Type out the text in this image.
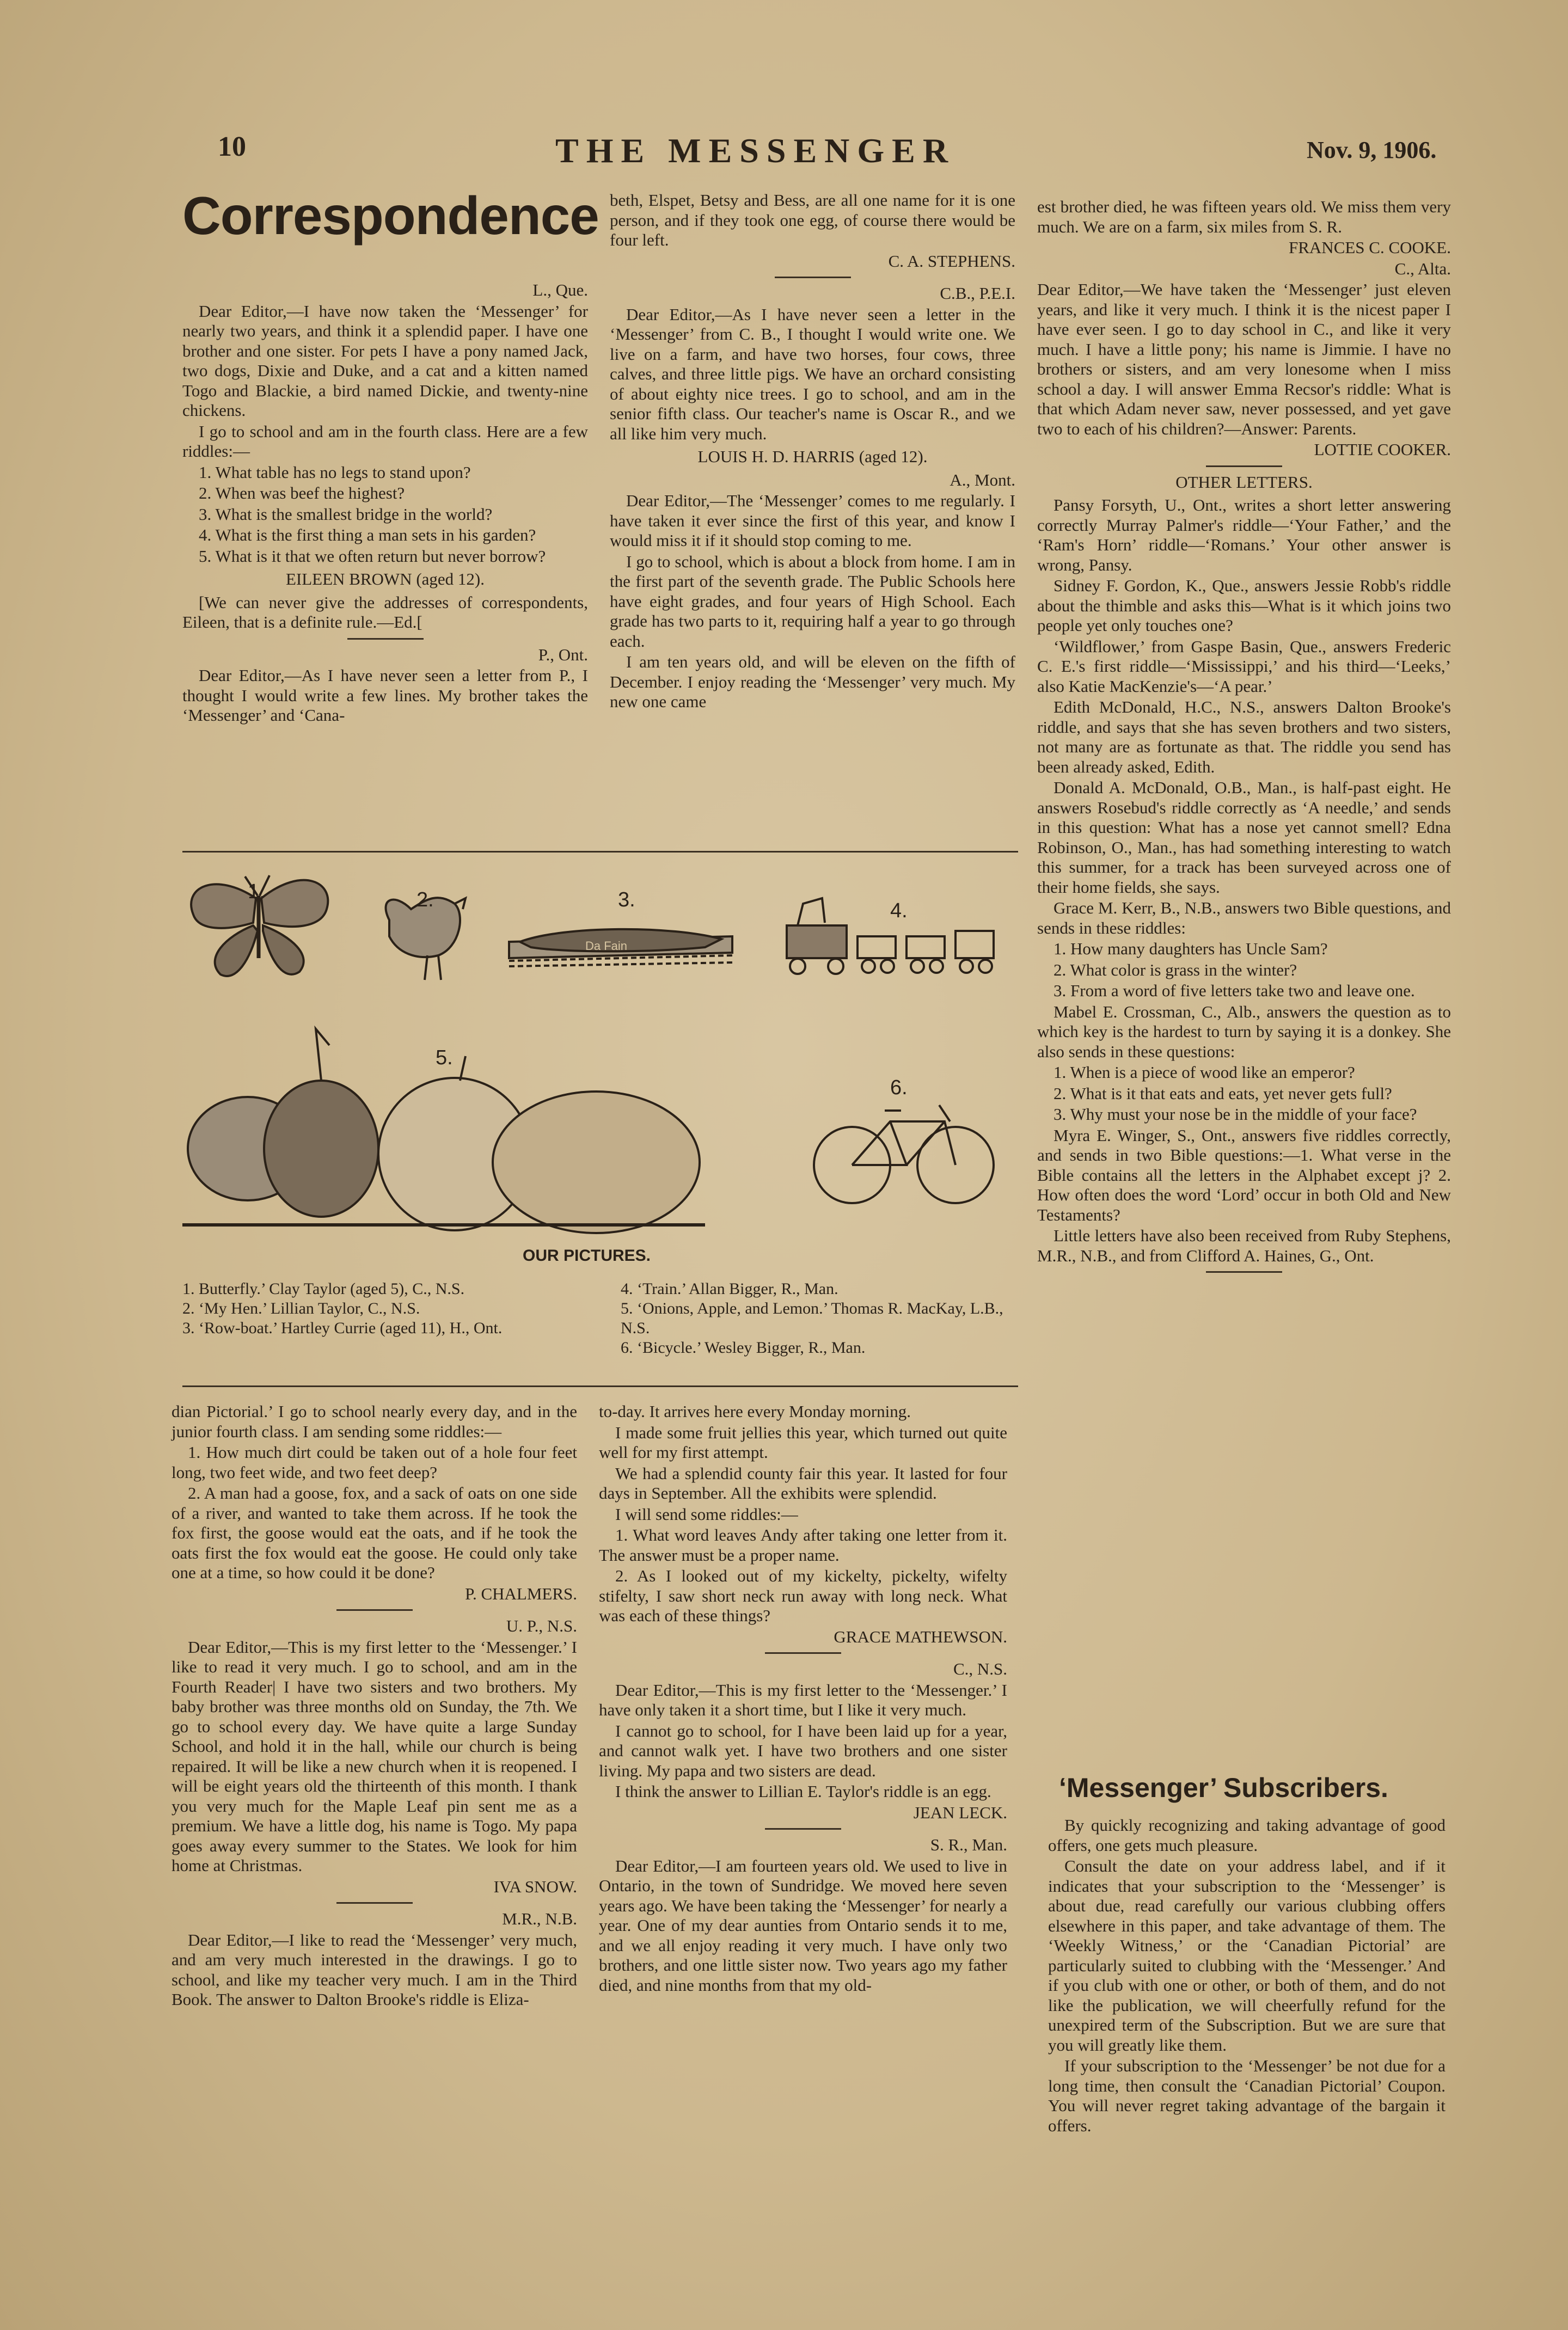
10	THE MESSENGER	Nov. 9, 1906.
Correspondence

L., Que.

Dear Editor,—I have now taken the ‘Messenger’ for nearly two years, and think it a splendid paper. I have one brother and one sister. For pets I have a pony named Jack, two dogs, Dixie and Duke, and a cat and a kitten named Togo and Blackie, a bird named Dickie, and twenty-nine chickens.

I go to school and am in the fourth class. Here are a few riddles:—

1. What table has no legs to stand upon?

2. When was beef the highest?

3. What is the smallest bridge in the world?

4. What is the first thing a man sets in his garden?

5. What is it that we often return but never borrow?

EILEEN BROWN (aged 12).

[We can never give the addresses of correspondents, Eileen, that is a definite rule.—Ed.[

P., Ont.

Dear Editor,—As I have never seen a letter from P., I thought I would write a few lines. My brother takes the ‘Messenger’ and ‘Cana-

beth, Elspet, Betsy and Bess, are all one name for it is one person, and if they took one egg, of course there would be four left.

C. A. STEPHENS.

C.B., P.E.I.

Dear Editor,—As I have never seen a letter in the ‘Messenger’ from C. B., I thought I would write one. We live on a farm, and have two horses, four cows, three calves, and three little pigs. We have an orchard consisting of about eighty nice trees. I go to school, and am in the senior fifth class. Our teacher's name is Oscar R., and we all like him very much.

LOUIS H. D. HARRIS (aged 12).

A., Mont.

Dear Editor,—The ‘Messenger’ comes to me regularly. I have taken it ever since the first of this year, and know I would miss it if it should stop coming to me.

I go to school, which is about a block from home. I am in the first part of the seventh grade. The Public Schools here have eight grades, and four years of High School. Each grade has two parts to it, requiring half a year to go through each.

I am ten years old, and will be eleven on the fifth of December. I enjoy reading the ‘Messenger’ very much. My new one came

est brother died, he was fifteen years old. We miss them very much. We are on a farm, six miles from S. R.

FRANCES C. COOKE.

C., Alta.

Dear Editor,—We have taken the ‘Messenger’ just eleven years, and like it very much. I think it is the nicest paper I have ever seen. I go to day school in C., and like it very much. I have a little pony; his name is Jimmie. I have no brothers or sisters, and am very lonesome when I miss school a day. I will answer Emma Recsor's riddle: What is that which Adam never saw, never possessed, and yet gave two to each of his children?—Answer: Parents.

LOTTIE COOKER.

OTHER LETTERS.

Pansy Forsyth, U., Ont., writes a short letter answering correctly Murray Palmer's riddle—‘Your Father,’ and the ‘Ram's Horn’ riddle—‘Romans.’ Your other answer is wrong, Pansy.

Sidney F. Gordon, K., Que., answers Jessie Robb's riddle about the thimble and asks this—What is it which joins two people yet only touches one?

‘Wildflower,’ from Gaspe Basin, Que., answers Frederic C. E.'s first riddle—‘Mississippi,’ and his third—‘Leeks,’ also Katie MacKenzie's—‘A pear.’

Edith McDonald, H.C., N.S., answers Dalton Brooke's riddle, and says that she has seven brothers and two sisters, not many are as fortunate as that. The riddle you send has been already asked, Edith.

Donald A. McDonald, O.B., Man., is half-past eight. He answers Rosebud's riddle correctly as ‘A needle,’ and sends in this question: What has a nose yet cannot smell? Edna Robinson, O., Man., has had something interesting to watch this summer, for a track has been surveyed across one of their home fields, she says.

Grace M. Kerr, B., N.B., answers two Bible questions, and sends in these riddles:

1. How many daughters has Uncle Sam?

2. What color is grass in the winter?

3. From a word of five letters take two and leave one.

Mabel E. Crossman, C., Alb., answers the question as to which key is the hardest to turn by saying it is a donkey. She also sends in these questions:

1. When is a piece of wood like an emperor?

2. What is it that eats and eats, yet never gets full?

3. Why must your nose be in the middle of your face?

Myra E. Winger, S., Ont., answers five riddles correctly, and sends in two Bible questions:—1. What verse in the Bible contains all the letters in the Alphabet except j? 2. How often does the word ‘Lord’ occur in both Old and New Testaments?

Little letters have also been received from Ruby Stephens, M.R., N.B., and from Clifford A. Haines, G., Ont.

1.	2.	3.	4.
5.
6.
Da Fain
OUR PICTURES.
1. Butterfly.’ Clay Taylor (aged 5), C., N.S.
2. ‘My Hen.’ Lillian Taylor, C., N.S.
3. ‘Row-boat.’ Hartley Currie (aged 11), H., Ont.
4. ‘Train.’ Allan Bigger, R., Man.
5. ‘Onions, Apple, and Lemon.’ Thomas R. MacKay, L.B., N.S.
6. ‘Bicycle.’ Wesley Bigger, R., Man.

dian Pictorial.’ I go to school nearly every day, and in the junior fourth class. I am sending some riddles:—

1. How much dirt could be taken out of a hole four feet long, two feet wide, and two feet deep?

2. A man had a goose, fox, and a sack of oats on one side of a river, and wanted to take them across. If he took the fox first, the goose would eat the oats, and if he took the oats first the fox would eat the goose. He could only take one at a time, so how could it be done?

P. CHALMERS.

U. P., N.S.

Dear Editor,—This is my first letter to the ‘Messenger.’ I like to read it very much. I go to school, and am in the Fourth Reader| I have two sisters and two brothers. My baby brother was three months old on Sunday, the 7th. We go to school every day. We have quite a large Sunday School, and hold it in the hall, while our church is being repaired. It will be like a new church when it is reopened. I will be eight years old the thirteenth of this month. I thank you very much for the Maple Leaf pin sent me as a premium. We have a little dog, his name is Togo. My papa goes away every summer to the States. We look for him home at Christmas.

IVA SNOW.

M.R., N.B.

Dear Editor,—I like to read the ‘Messenger’ very much, and am very much interested in the drawings. I go to school, and like my teacher very much. I am in the Third Book. The answer to Dalton Brooke's riddle is Eliza-

to-day. It arrives here every Monday morning.

I made some fruit jellies this year, which turned out quite well for my first attempt.

We had a splendid county fair this year. It lasted for four days in September. All the exhibits were splendid.

I will send some riddles:—

1. What word leaves Andy after taking one letter from it. The answer must be a proper name.

2. As I looked out of my kickelty, pickelty, wifelty stifelty, I saw short neck run away with long neck. What was each of these things?

GRACE MATHEWSON.

C., N.S.

Dear Editor,—This is my first letter to the ‘Messenger.’ I have only taken it a short time, but I like it very much.

I cannot go to school, for I have been laid up for a year, and cannot walk yet. I have two brothers and one sister living. My papa and two sisters are dead.

I think the answer to Lillian E. Taylor's riddle is an egg.

JEAN LECK.

S. R., Man.

Dear Editor,—I am fourteen years old. We used to live in Ontario, in the town of Sundridge. We moved here seven years ago. We have been taking the ‘Messenger’ for nearly a year. One of my dear aunties from Ontario sends it to me, and we all enjoy reading it very much. I have only two brothers, and one little sister now. Two years ago my father died, and nine months from that my old-

‘Messenger’ Subscribers.

By quickly recognizing and taking advantage of good offers, one gets much pleasure.

Consult the date on your address label, and if it indicates that your subscription to the ‘Messenger’ is about due, read carefully our various clubbing offers elsewhere in this paper, and take advantage of them. The ‘Weekly Witness,’ or the ‘Canadian Pictorial’ are particularly suited to clubbing with the ‘Messenger.’ And if you club with one or other, or both of them, and do not like the publication, we will cheerfully refund for the unexpired term of the Subscription. But we are sure that you will greatly like them.

If your subscription to the ‘Messenger’ be not due for a long time, then consult the ‘Canadian Pictorial’ Coupon. You will never regret taking advantage of the bargain it offers.
